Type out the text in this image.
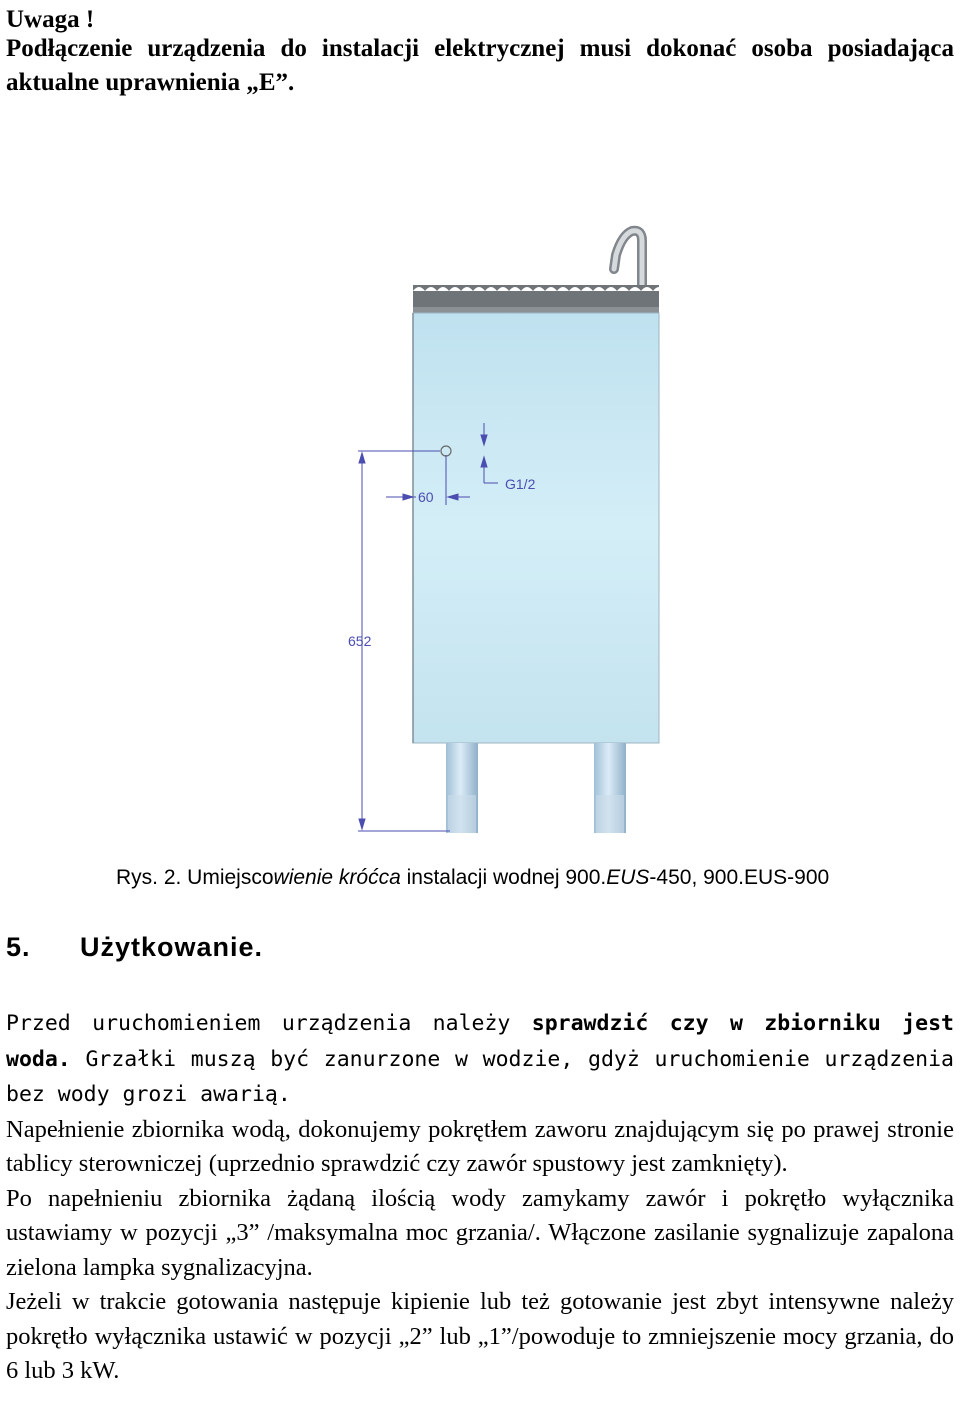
Uwaga !
Podłączenie urządzenia do instalacji elektrycznej musi dokonać osoba posiadająca aktualne uprawnienia „E”.
60
G1/2
652
Rys. 2. Umiejscowienie króćca instalacji wodnej 900.EUS-450, 900.EUS-900
5. Użytkowanie.

Przed uruchomieniem urządzenia należy sprawdzić czy w zbiorniku jest woda. Grzałki muszą być zanurzone w wodzie, gdyż uruchomienie urządzenia bez wody grozi awarią.

Napełnienie zbiornika wodą, dokonujemy pokrętłem zaworu znajdującym się po prawej stronie tablicy sterowniczej (uprzednio sprawdzić czy zawór spustowy jest zamknięty).

Po napełnieniu zbiornika żądaną ilością wody zamykamy zawór i pokrętło wyłącznika ustawiamy w pozycji „3” /maksymalna moc grzania/. Włączone zasilanie sygnalizuje zapalona zielona lampka sygnalizacyjna.

Jeżeli w trakcie gotowania następuje kipienie lub też gotowanie jest zbyt intensywne należy pokrętło wyłącznika ustawić w pozycji „2” lub „1”/powoduje to zmniejszenie mocy grzania, do 6 lub 3 kW.
